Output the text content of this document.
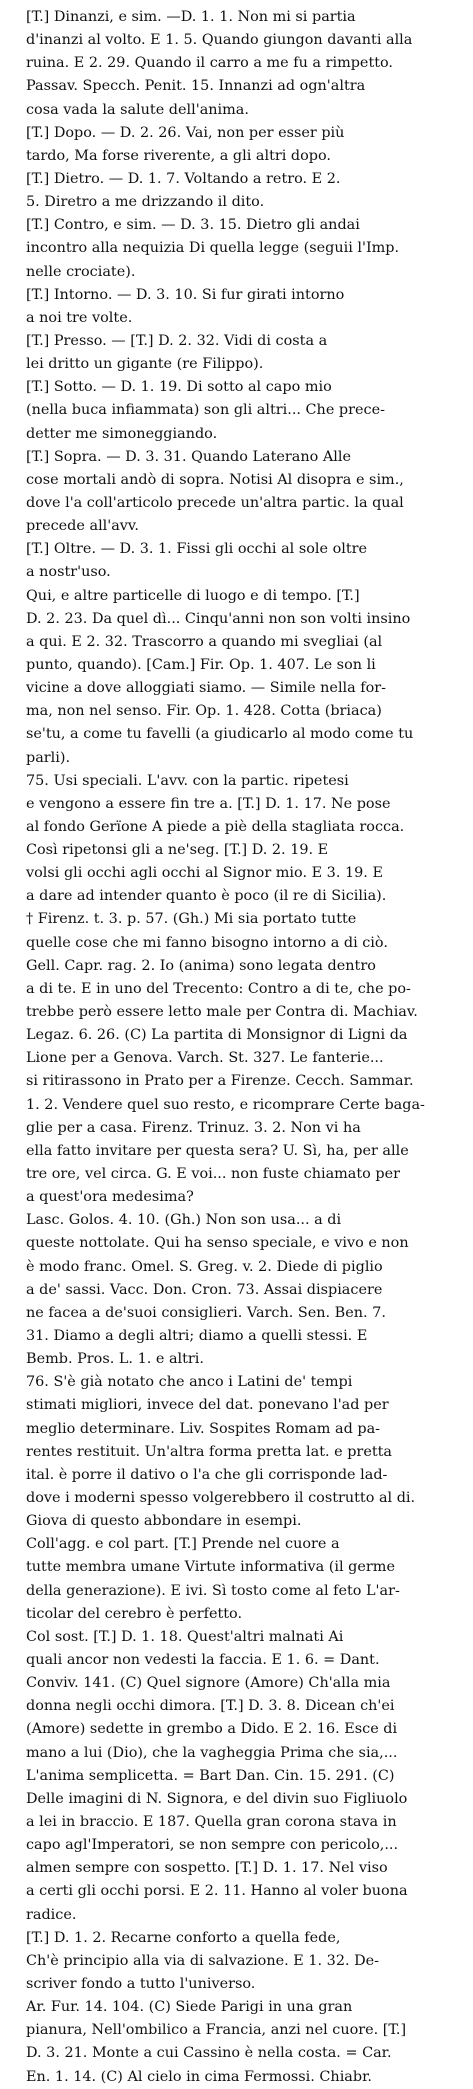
[T.] Dinanzi, e sim. —D. 1. 1. Non mi si partia
d'inanzi al volto. E 1. 5. Quando giungon davanti alla
ruina. E 2. 29. Quando il carro a me fu a rimpetto.
Passav. Specch. Penit. 15. Innanzi ad ogn'altra
cosa vada la salute dell'anima.
[T.] Dopo. — D. 2. 26. Vai, non per esser più
tardo, Ma forse riverente, a gli altri dopo.
[T.] Dietro. — D. 1. 7. Voltando a retro. E 2.
5. Diretro a me drizzando il dito.
[T.] Contro, e sim. — D. 3. 15. Dietro gli andai
incontro alla nequizia Di quella legge (seguii l'Imp.
nelle crociate).
[T.] Intorno. — D. 3. 10. Si fur girati intorno
a noi tre volte.
[T.] Presso. — [T.] D. 2. 32. Vidi di costa a
lei dritto un gigante (re Filippo).
[T.] Sotto. — D. 1. 19. Di sotto al capo mio
(nella buca infiammata) son gli altri... Che prece-
detter me simoneggiando.
[T.] Sopra. — D. 3. 31. Quando Laterano Alle
cose mortali andò di sopra. Notisi Al disopra e sim.,
dove l'a coll'articolo precede un'altra partic. la qual
precede all'avv.
[T.] Oltre. — D. 3. 1. Fissi gli occhi al sole oltre
a nostr'uso.
Qui, e altre particelle di luogo e di tempo. [T.]
D. 2. 23. Da quel dì... Cinqu'anni non son volti insino
a qui. E 2. 32. Trascorro a quando mi svegliai (al
punto, quando). [Cam.] Fir. Op. 1. 407. Le son li
vicine a dove alloggiati siamo. — Simile nella for-
ma, non nel senso. Fir. Op. 1. 428. Cotta (briaca)
se'tu, a come tu favelli (a giudicarlo al modo come tu
parli).
75. Usi speciali. L'avv. con la partic. ripetesi
e vengono a essere fin tre a. [T.] D. 1. 17. Ne pose
al fondo Gerïone A piede a piè della stagliata rocca.
Così ripetonsi gli a ne'seg. [T.] D. 2. 19. E
volsi gli occhi agli occhi al Signor mio. E 3. 19. E
a dare ad intender quanto è poco (il re di Sicilia).
† Firenz. t. 3. p. 57. (Gh.) Mi sia portato tutte
quelle cose che mi fanno bisogno intorno a di ciò.
Gell. Capr. rag. 2. Io (anima) sono legata dentro
a di te. E in uno del Trecento: Contro a di te, che po-
trebbe però essere letto male per Contra di. Machiav.
Legaz. 6. 26. (C) La partita di Monsignor di Ligni da
Lione per a Genova. Varch. St. 327. Le fanterie...
si ritirassono in Prato per a Firenze. Cecch. Sammar.
1. 2. Vendere quel suo resto, e ricomprare Certe baga-
glie per a casa. Firenz. Trinuz. 3. 2. Non vi ha
ella fatto invitare per questa sera? U. Sì, ha, per alle
tre ore, vel circa. G. E voi... non fuste chiamato per
a quest'ora medesima?
Lasc. Golos. 4. 10. (Gh.) Non son usa... a di
queste nottolate. Qui ha senso speciale, e vivo e non
è modo franc. Omel. S. Greg. v. 2. Diede di piglio
a de' sassi. Vacc. Don. Cron. 73. Assai dispiacere
ne facea a de'suoi consiglieri. Varch. Sen. Ben. 7.
31. Diamo a degli altri; diamo a quelli stessi. E
Bemb. Pros. L. 1. e altri.
76. S'è già notato che anco i Latini de' tempi
stimati migliori, invece del dat. ponevano l'ad per
meglio determinare. Liv. Sospites Romam ad pa-
rentes restituit. Un'altra forma pretta lat. e pretta
ital. è porre il dativo o l'a che gli corrisponde lad-
dove i moderni spesso volgerebbero il costrutto al di.
Giova di questo abbondare in esempi.
Coll'agg. e col part. [T.] Prende nel cuore a
tutte membra umane Virtute informativa (il germe
della generazione). E ivi. Sì tosto come al feto L'ar-
ticolar del cerebro è perfetto.
Col sost. [T.] D. 1. 18. Quest'altri malnati Ai
quali ancor non vedesti la faccia. E 1. 6. = Dant.
Conviv. 141. (C) Quel signore (Amore) Ch'alla mia
donna negli occhi dimora. [T.] D. 3. 8. Dicean ch'ei
(Amore) sedette in grembo a Dido. E 2. 16. Esce di
mano a lui (Dio), che la vagheggia Prima che sia,...
L'anima semplicetta. = Bart Dan. Cin. 15. 291. (C)
Delle imagini di N. Signora, e del divin suo Figliuolo
a lei in braccio. E 187. Quella gran corona stava in
capo agl'Imperatori, se non sempre con pericolo,...
almen sempre con sospetto. [T.] D. 1. 17. Nel viso
a certi gli occhi porsi. E 2. 11. Hanno al voler buona
radice.
[T.] D. 1. 2. Recarne conforto a quella fede,
Ch'è principio alla via di salvazione. E 1. 32. De-
scriver fondo a tutto l'universo.
Ar. Fur. 14. 104. (C) Siede Parigi in una gran
pianura, Nell'ombilico a Francia, anzi nel cuore. [T.]
D. 3. 21. Monte a cui Cassino è nella costa. = Car.
En. 1. 14. (C) Al cielo in cima Fermossi. Chiabr.
